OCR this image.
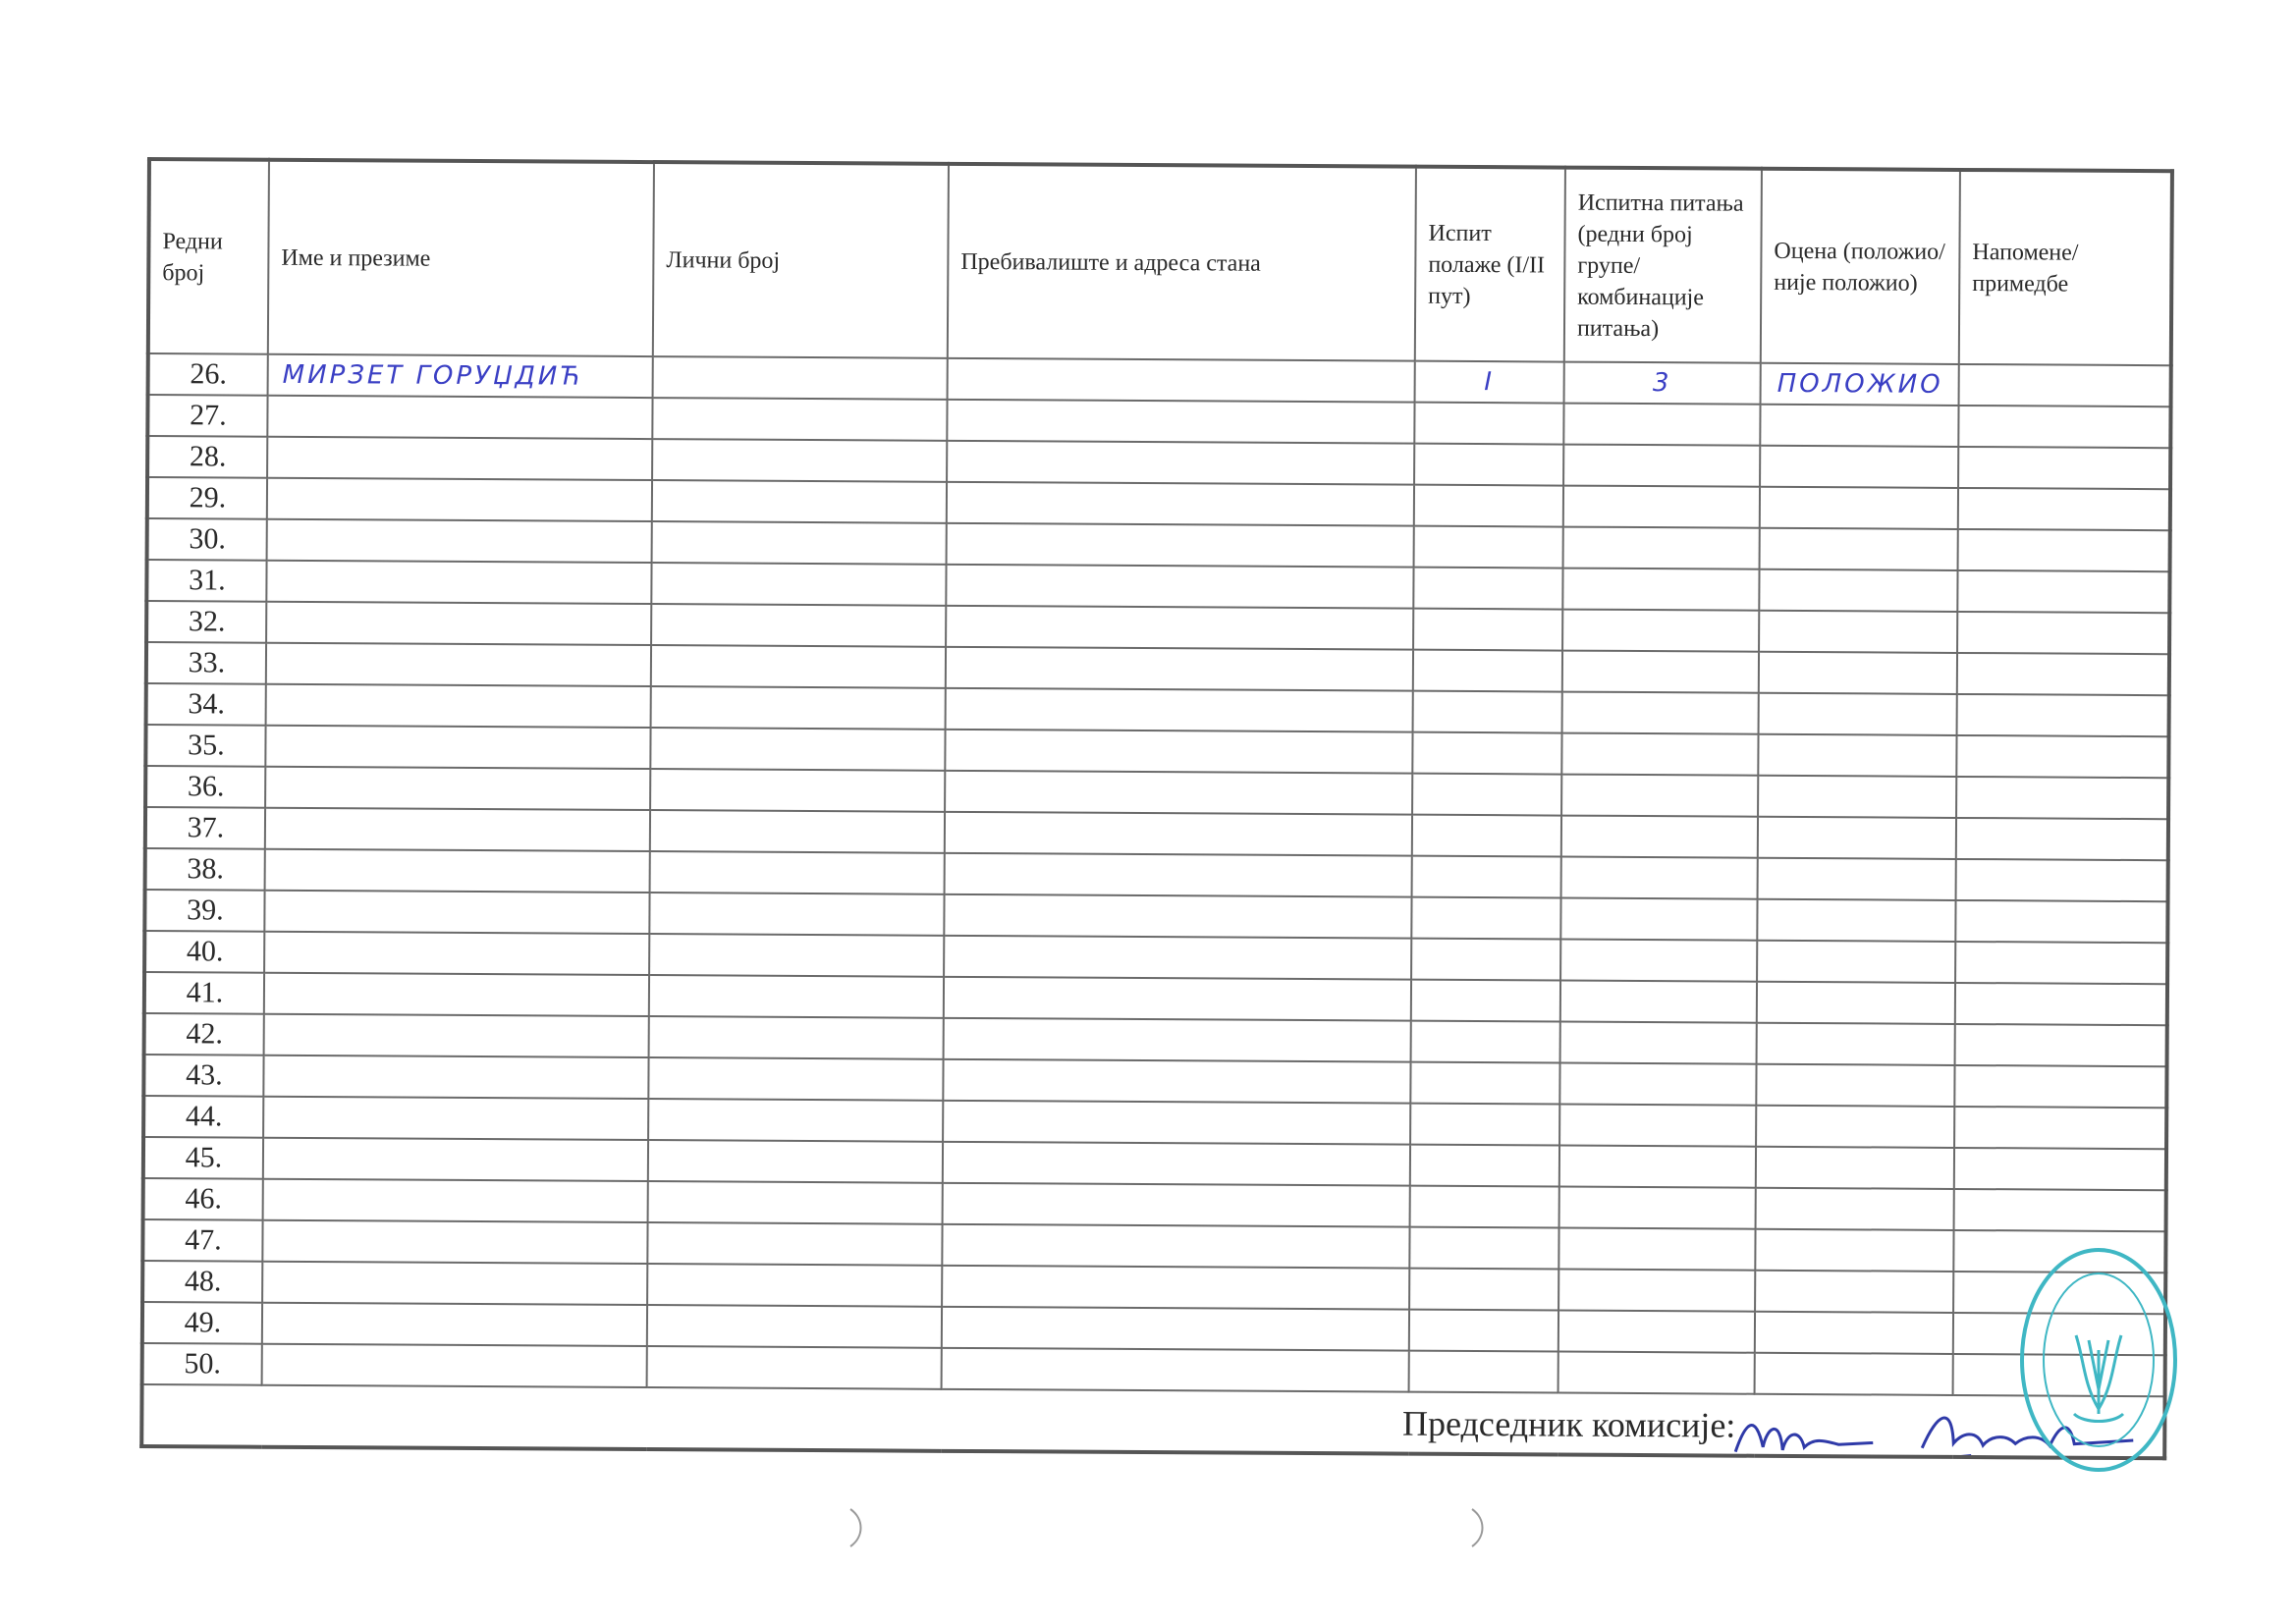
Редни број	Име и презиме	Лични број	Пребивалиште и адреса стана	Испит полаже (I/II пут)	Испитна питања (редни број групе/ комбинације питања)	Оцена (положио/ није положио)	Напомене/ примедбе
26.	МИРЗЕТ ГОРУЏДИЋ			I	3	ПОЛОЖИО	
27.							
28.							
29.							
30.							
31.							
32.							
33.							
34.							
35.							
36.							
37.							
38.							
39.							
40.							
41.							
42.							
43.							
44.							
45.							
46.							
47.							
48.							
49.							
50.							

Председник комисије:							
